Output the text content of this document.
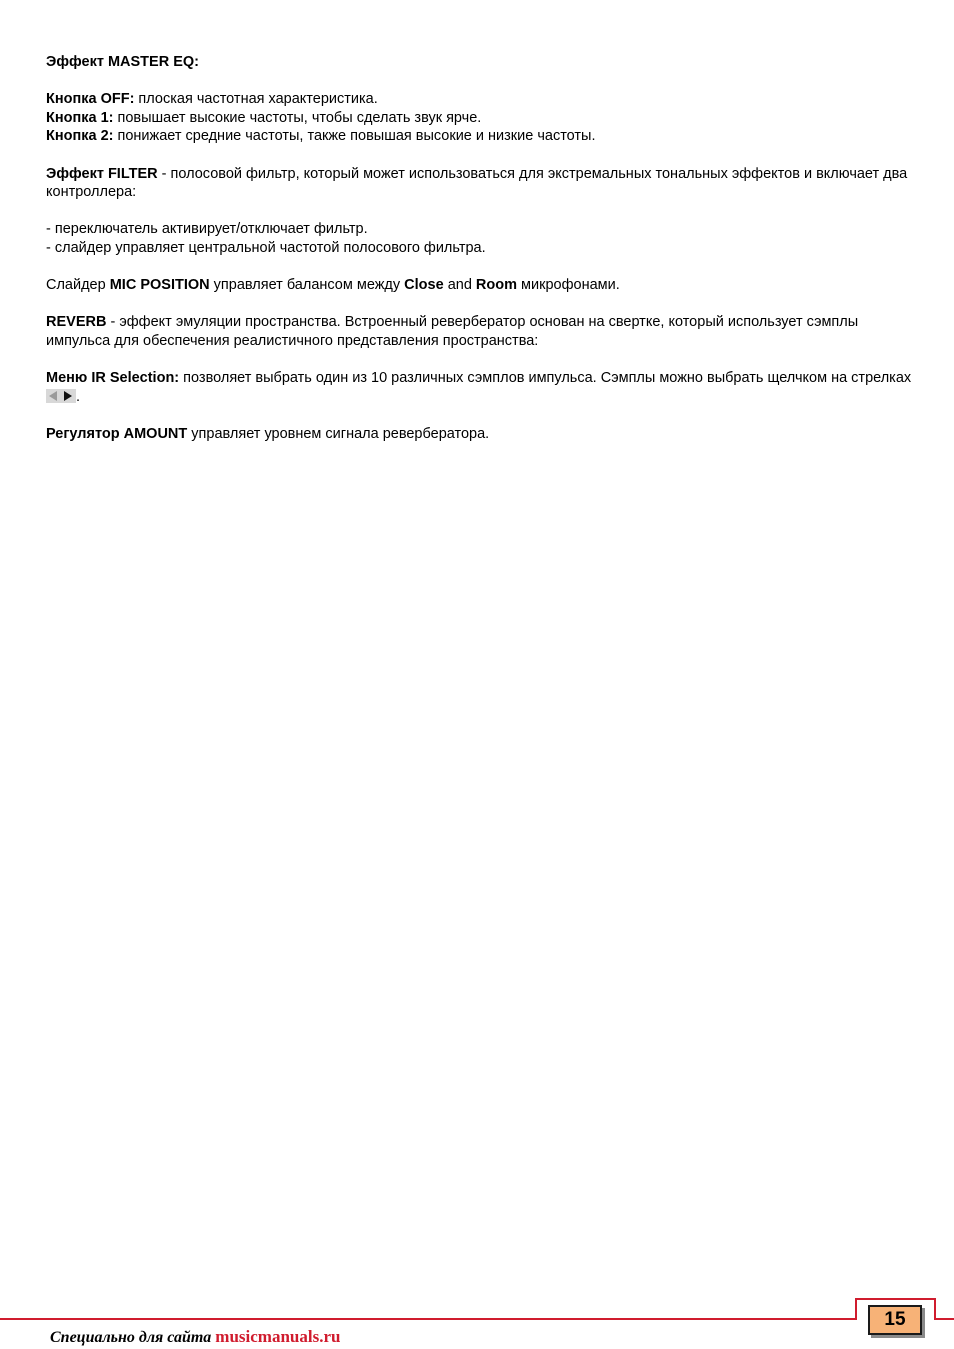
Эффект MASTER EQ:

Кнопка OFF: плоская частотная характеристика.

Кнопка 1: повышает высокие частоты, чтобы сделать звук ярче.

Кнопка 2: понижает средние частоты, также повышая высокие и низкие частоты.

Эффект FILTER - полосовой фильтр, который может использоваться для экстремальных тональных эффектов и включает два контроллера:

- переключатель активирует/отключает фильтр.

- слайдер управляет центральной частотой полосового фильтра.

Слайдер MIC POSITION управляет балансом между Close and Room микрофонами.

REVERB - эффект эмуляции пространства. Встроенный ревербератор основан на свертке, который использует сэмплы импульса для обеспечения реалистичного представления пространства:

Меню IR Selection: позволяет выбрать один из 10 различных сэмплов импульса. Сэмплы можно выбрать щелчком на стрелках
.

Регулятор AMOUNT управляет уровнем сигнала ревербератора.

15
Специально для сайта musicmanuals.ru
